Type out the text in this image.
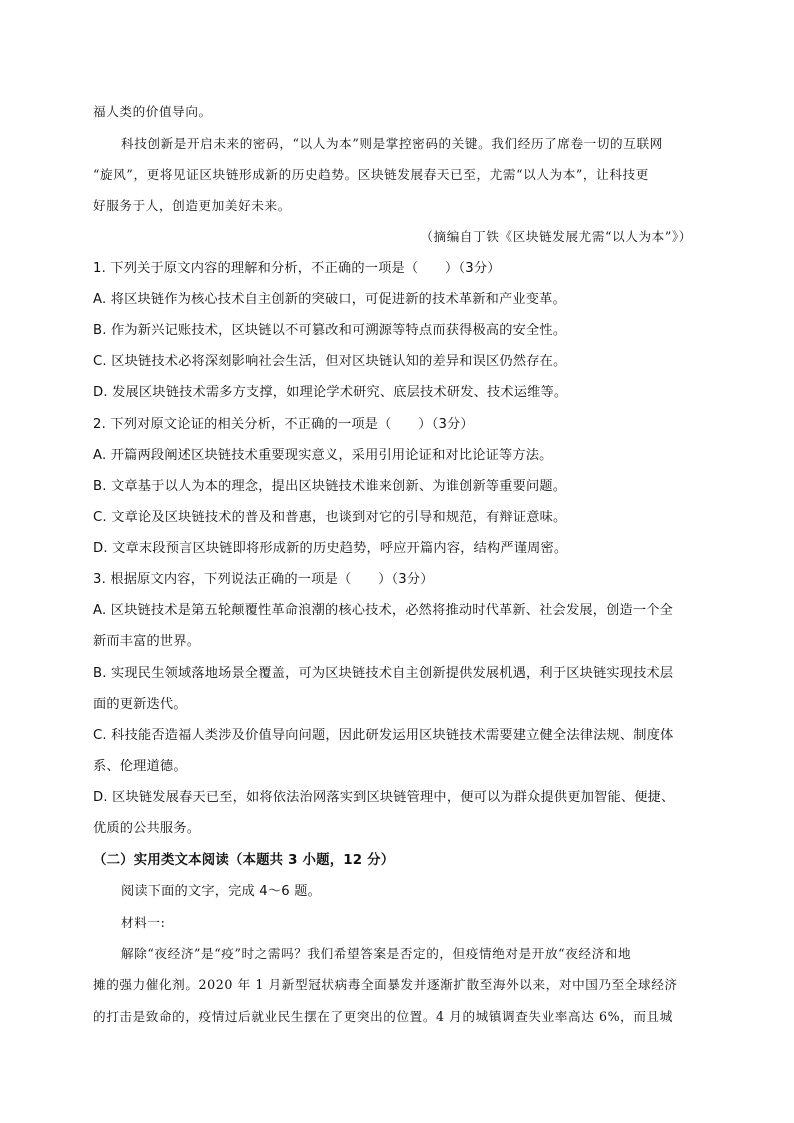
福人类的价值导向。
科技创新是开启未来的密码，“以人为本”则是掌控密码的关键。我们经历了席卷一切的互联网
“旋风”，更将见证区块链形成新的历史趋势。区块链发展春天已至，尤需“以人为本”，让科技更
好服务于人，创造更加美好未来。
（摘编自丁铁《区块链发展尤需“以人为本”》）
1. 下列关于原文内容的理解和分析，不正确的一项是（　　）（3分）
A. 将区块链作为核心技术自主创新的突破口，可促进新的技术革新和产业变革。
B. 作为新兴记账技术，区块链以不可篡改和可溯源等特点而获得极高的安全性。
C. 区块链技术必将深刻影响社会生活，但对区块链认知的差异和误区仍然存在。
D. 发展区块链技术需多方支撑，如理论学术研究、底层技术研发、技术运维等。
2. 下列对原文论证的相关分析，不正确的一项是（　　）（3分）
A. 开篇两段阐述区块链技术重要现实意义，采用引用论证和对比论证等方法。
B. 文章基于以人为本的理念，提出区块链技术谁来创新、为谁创新等重要问题。
C. 文章论及区块链技术的普及和普惠，也谈到对它的引导和规范，有辩证意味。
D. 文章末段预言区块链即将形成新的历史趋势，呼应开篇内容，结构严谨周密。
3. 根据原文内容，下列说法正确的一项是（　　）（3分）
A. 区块链技术是第五轮颠覆性革命浪潮的核心技术，必然将推动时代革新、社会发展，创造一个全
新而丰富的世界。
B. 实现民生领域落地场景全覆盖，可为区块链技术自主创新提供发展机遇，利于区块链实现技术层
面的更新迭代。
C. 科技能否造福人类涉及价值导向问题，因此研发运用区块链技术需要建立健全法律法规、制度体
系、伦理道德。
D. 区块链发展春天已至，如将依法治网落实到区块链管理中，便可以为群众提供更加智能、便捷、
优质的公共服务。
（二）实用类文本阅读（本题共 3 小题，12 分）
阅读下面的文字，完成 4～6 题。
材料一:
解除“夜经济”是“疫”时之需吗？我们希望答案是否定的，但疫情绝对是开放“夜经济和地
摊的强力催化剂。2020 年 1 月新型冠状病毒全面暴发并逐渐扩散至海外以来，对中国乃至全球经济
的打击是致命的，疫情过后就业民生摆在了更突出的位置。4 月的城镇调查失业率高达 6%，而且城
